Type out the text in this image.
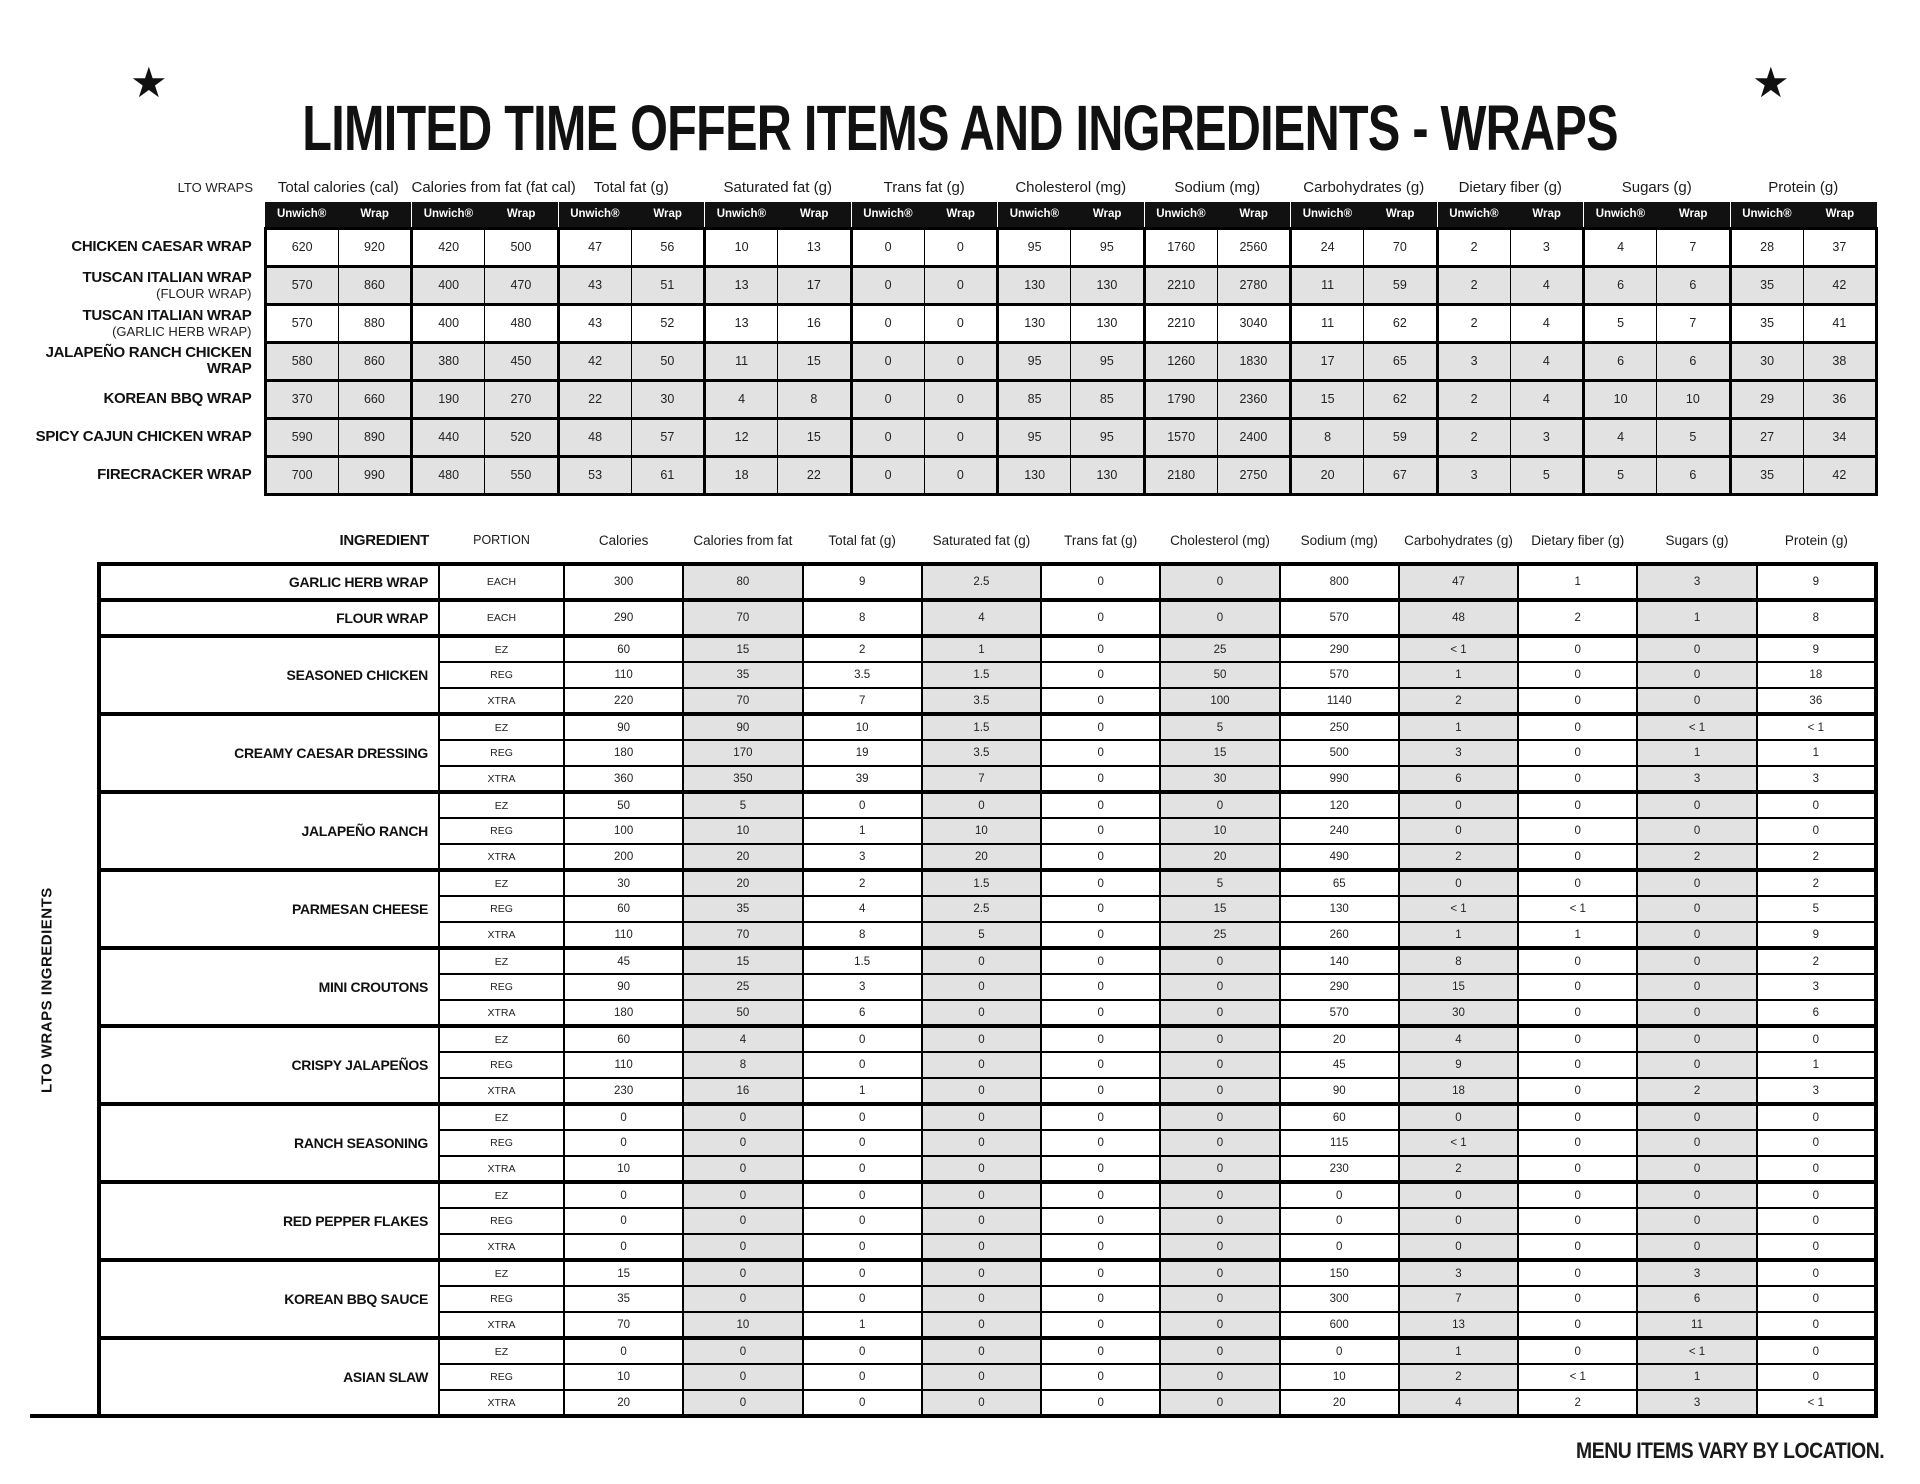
★
LIMITED TIME OFFER ITEMS AND INGREDIENTS - WRAPS
★
LTO WRAPS	Total calories (cal)		Calories from fat (fat cal)		Total fat (g)		Saturated fat (g)		Trans fat (g)		Cholesterol (mg)		Sodium (mg)		Carbohydrates (g)		Dietary fiber (g)		Sugars (g)		Protein (g)	
	Unwich®	Wrap	Unwich®	Wrap	Unwich®	Wrap	Unwich®	Wrap	Unwich®	Wrap	Unwich®	Wrap	Unwich®	Wrap	Unwich®	Wrap	Unwich®	Wrap	Unwich®	Wrap	Unwich®	Wrap

CHICKEN CAESAR WRAP	620	920	420	500	47	56	10	13	0	0	95	95	1760	2560	24	70	2	3	4	7	28	37

TUSCAN ITALIAN WRAP
(FLOUR WRAP)	570	860	400	470	43	51	13	17	0	0	130	130	2210	2780	11	59	2	4	6	6	35	42

TUSCAN ITALIAN WRAP
(GARLIC HERB WRAP)	570	880	400	480	43	52	13	16	0	0	130	130	2210	3040	11	62	2	4	5	7	35	41

JALAPEÑO RANCH CHICKEN WRAP	580	860	380	450	42	50	11	15	0	0	95	95	1260	1830	17	65	3	4	6	6	30	38

KOREAN BBQ WRAP	370	660	190	270	22	30	4	8	0	0	85	85	1790	2360	15	62	2	4	10	10	29	36

SPICY CAJUN CHICKEN WRAP	590	890	440	520	48	57	12	15	0	0	95	95	1570	2400	8	59	2	3	4	5	27	34

FIRECRACKER WRAP	700	990	480	550	53	61	18	22	0	0	130	130	2180	2750	20	67	3	5	5	6	35	42
LTO WRAPS INGREDIENTS
INGREDIENT	PORTION	Calories	Calories from fat	Total fat (g)	Saturated fat (g)	Trans fat (g)	Cholesterol (mg)	Sodium (mg)	Carbohydrates (g)	Dietary fiber (g)	Sugars (g)	Protein (g)
GARLIC HERB WRAP	EACH	300	80	9	2.5	0	0	800	47	1	3	9
FLOUR WRAP	EACH	290	70	8	4	0	0	570	48	2	1	8
SEASONED CHICKEN	EZ	60	15	2	1	0	25	290	< 1	0	0	9
	REG	110	35	3.5	1.5	0	50	570	1	0	0	18
	XTRA	220	70	7	3.5	0	100	1140	2	0	0	36
CREAMY CAESAR DRESSING	EZ	90	90	10	1.5	0	5	250	1	0	< 1	< 1
	REG	180	170	19	3.5	0	15	500	3	0	1	1
	XTRA	360	350	39	7	0	30	990	6	0	3	3
JALAPEÑO RANCH	EZ	50	5	0	0	0	0	120	0	0	0	0
	REG	100	10	1	10	0	10	240	0	0	0	0
	XTRA	200	20	3	20	0	20	490	2	0	2	2
PARMESAN CHEESE	EZ	30	20	2	1.5	0	5	65	0	0	0	2
	REG	60	35	4	2.5	0	15	130	< 1	< 1	0	5
	XTRA	110	70	8	5	0	25	260	1	1	0	9
MINI CROUTONS	EZ	45	15	1.5	0	0	0	140	8	0	0	2
	REG	90	25	3	0	0	0	290	15	0	0	3
	XTRA	180	50	6	0	0	0	570	30	0	0	6
CRISPY JALAPEÑOS	EZ	60	4	0	0	0	0	20	4	0	0	0
	REG	110	8	0	0	0	0	45	9	0	0	1
	XTRA	230	16	1	0	0	0	90	18	0	2	3
RANCH SEASONING	EZ	0	0	0	0	0	0	60	0	0	0	0
	REG	0	0	0	0	0	0	115	< 1	0	0	0
	XTRA	10	0	0	0	0	0	230	2	0	0	0
RED PEPPER FLAKES	EZ	0	0	0	0	0	0	0	0	0	0	0
	REG	0	0	0	0	0	0	0	0	0	0	0
	XTRA	0	0	0	0	0	0	0	0	0	0	0
KOREAN BBQ SAUCE	EZ	15	0	0	0	0	0	150	3	0	3	0
	REG	35	0	0	0	0	0	300	7	0	6	0
	XTRA	70	10	1	0	0	0	600	13	0	11	0
ASIAN SLAW	EZ	0	0	0	0	0	0	0	1	0	< 1	0
	REG	10	0	0	0	0	0	10	2	< 1	1	0
	XTRA	20	0	0	0	0	0	20	4	2	3	< 1
MENU ITEMS VARY BY LOCATION.
